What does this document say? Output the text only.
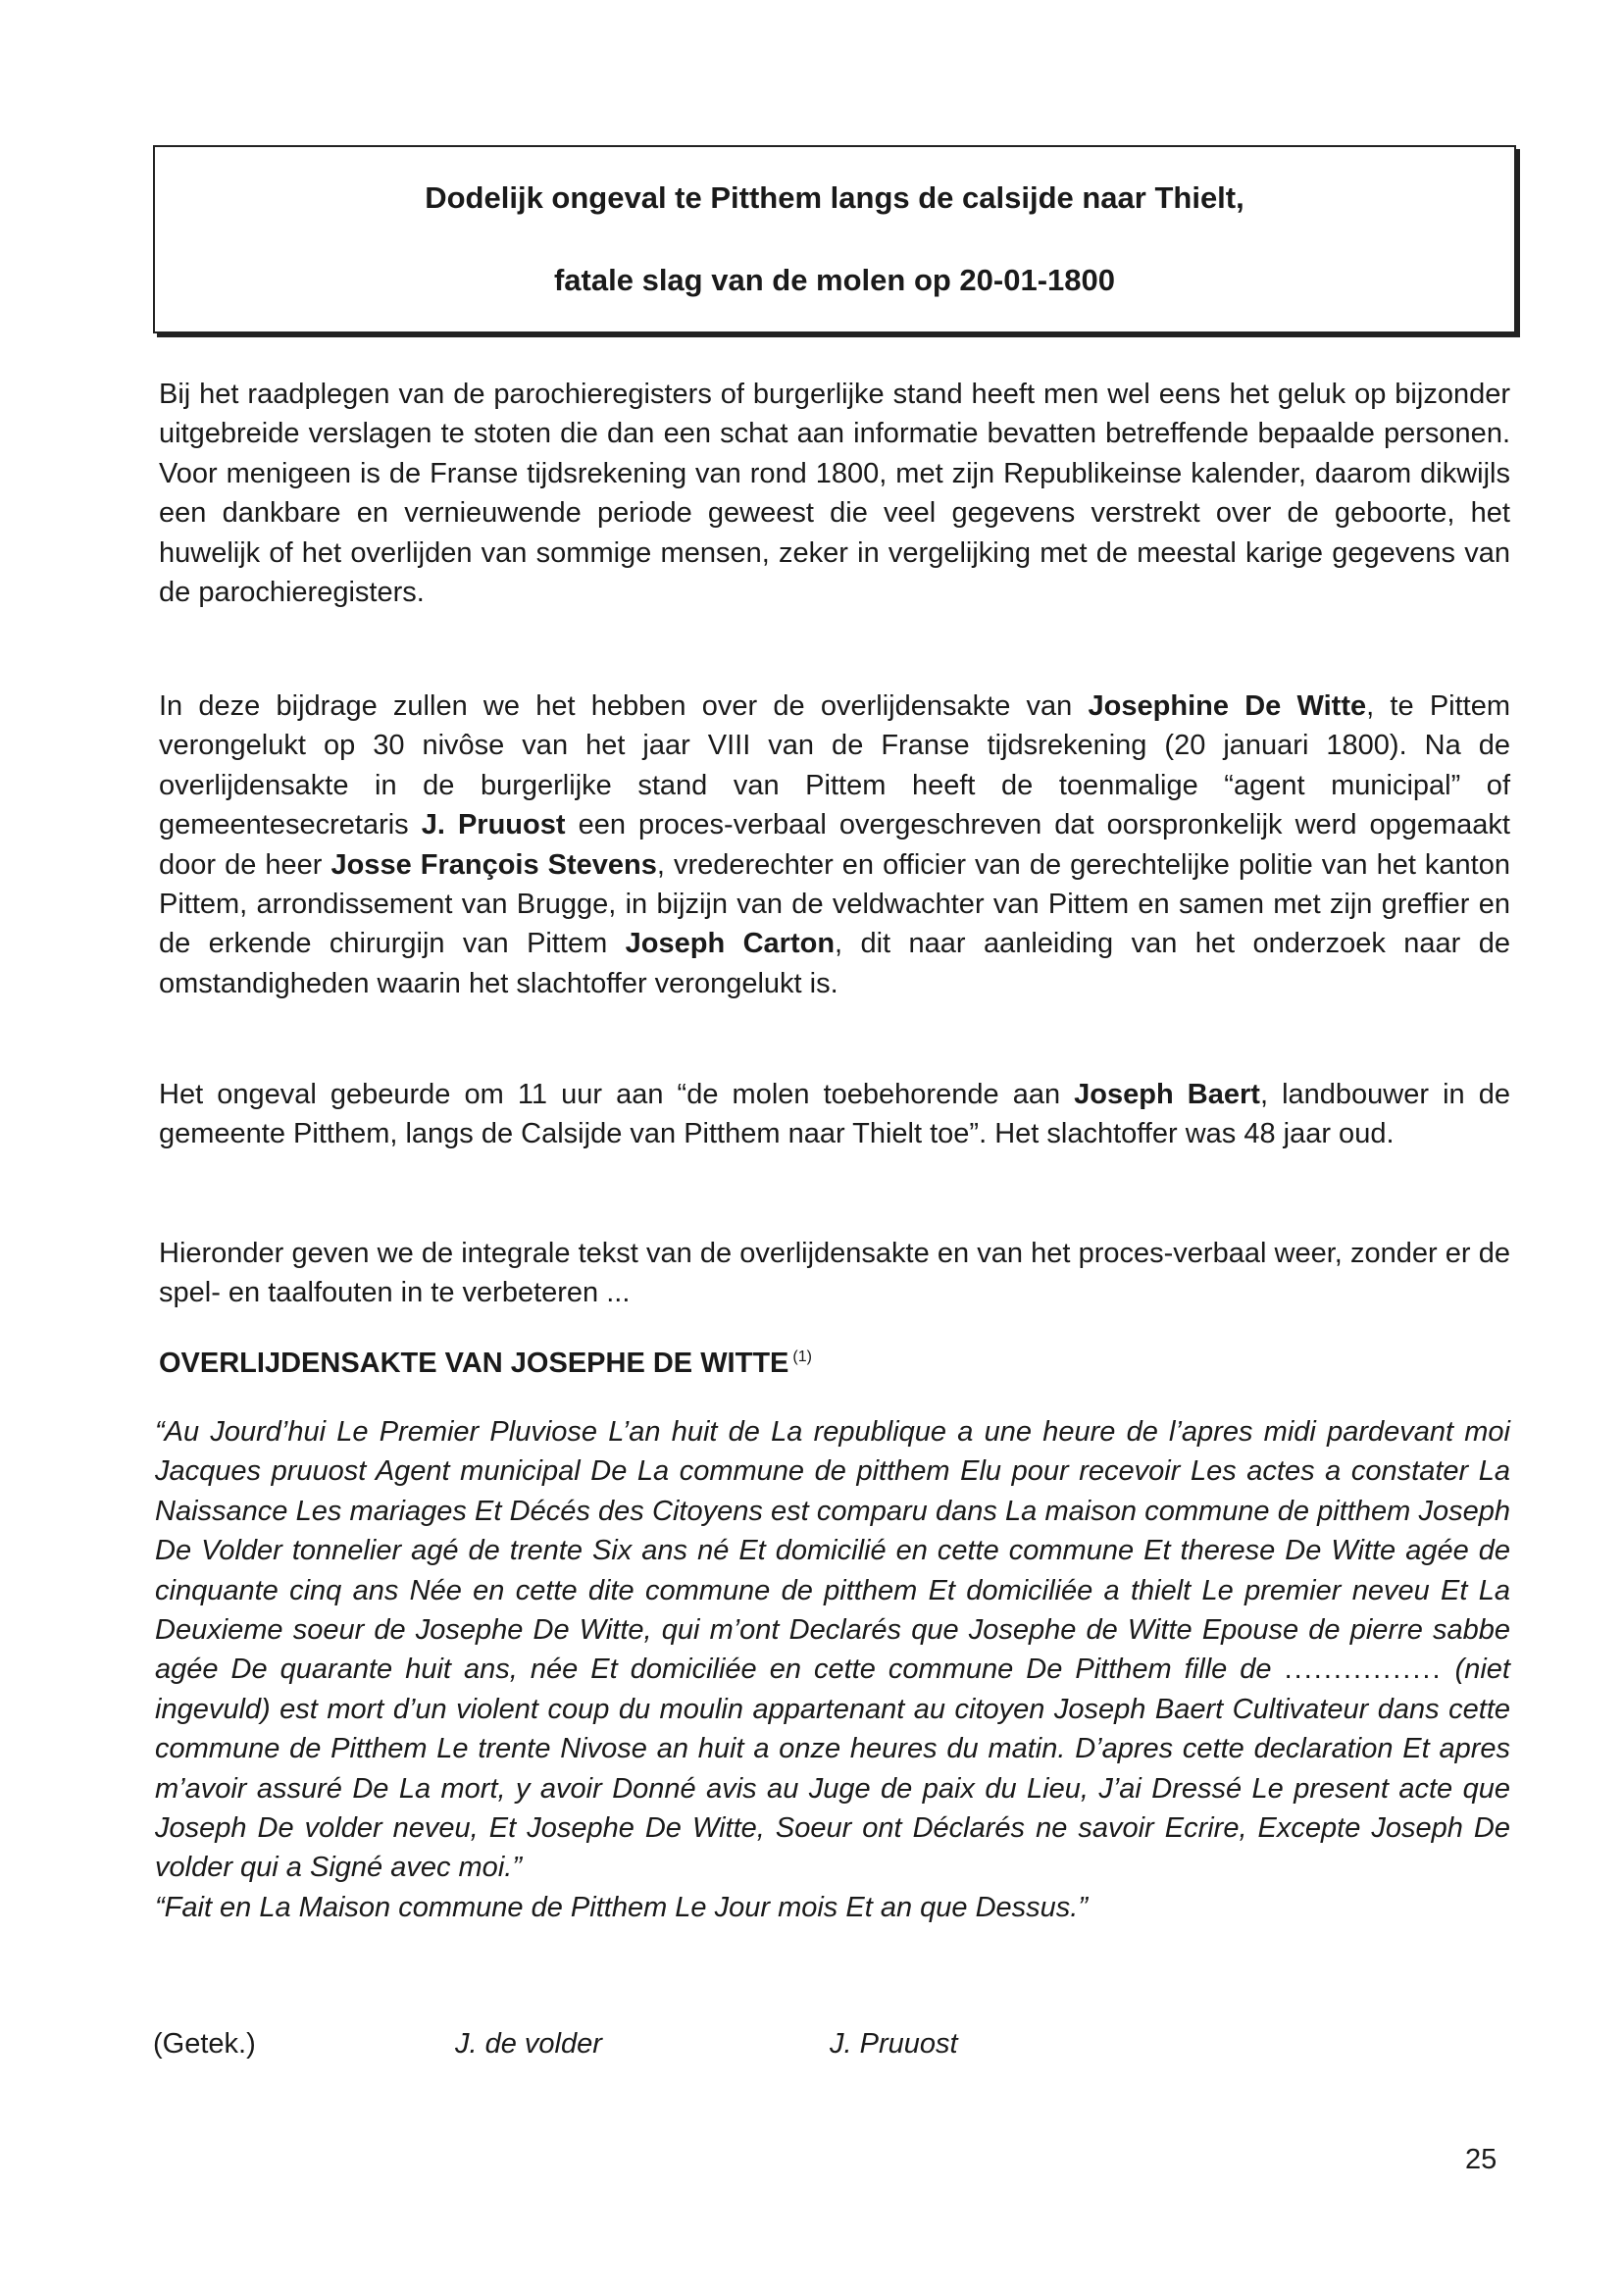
Dodelijk ongeval te Pitthem langs de calsijde naar Thielt,
fatale slag van de molen op 20-01-1800
Bij het raadplegen van de parochieregisters of burgerlijke stand heeft men wel eens het geluk op bijzonder uitgebreide verslagen te stoten die dan een schat aan informatie bevatten betreffende bepaalde personen. Voor menigeen is de Franse tijdsrekening van rond 1800, met zijn Republikeinse kalender, daarom dikwijls een dankbare en vernieuwende periode geweest die veel gegevens verstrekt over de geboorte, het huwelijk of het overlijden van sommige mensen, zeker in vergelijking met de meestal karige gegevens van de parochieregisters.
In deze bijdrage zullen we het hebben over de overlijdensakte van Josephine De Witte, te Pittem verongelukt op 30 nivôse van het jaar VIII van de Franse tijdsrekening (20 januari 1800). Na de overlijdensakte in de burgerlijke stand van Pittem heeft de toenmalige “agent municipal” of gemeentesecretaris J. Pruuost een proces-verbaal overgeschreven dat oorspronkelijk werd opgemaakt door de heer Josse François Stevens, vrederechter en officier van de gerechtelijke politie van het kanton Pittem, arrondissement van Brugge, in bijzijn van de veldwachter van Pittem en samen met zijn greffier en de erkende chirurgijn van Pittem Joseph Carton, dit naar aanleiding van het onderzoek naar de omstandigheden waarin het slachtoffer verongelukt is.
Het ongeval gebeurde om 11 uur aan “de molen toebehorende aan Joseph Baert, landbouwer in de gemeente Pitthem, langs de Calsijde van Pitthem naar Thielt toe”. Het slachtoffer was 48 jaar oud.
Hieronder geven we de integrale tekst van de overlijdensakte en van het proces-verbaal weer, zonder er de spel- en taalfouten in te verbeteren ...
OVERLIJDENSAKTE VAN JOSEPHE DE WITTE $^{(1)}$

“Au Jourd’hui Le Premier Pluviose L’an huit de La republique a une heure de l’apres midi pardevant moi Jacques pruuost Agent municipal De La commune de pitthem Elu pour recevoir Les actes a constater La Naissance Les mariages Et Décés des Citoyens est comparu dans La maison commune de pitthem Joseph De Volder tonnelier agé de trente Six ans né Et domicilié en cette commune Et therese De Witte agée de cinquante cinq ans Née en cette dite commune de pitthem Et domiciliée a thielt Le premier neveu Et La Deuxieme soeur de Josephe De Witte, qui m’ont Declarés que Josephe de Witte Epouse de pierre sabbe agée De quarante huit ans, née Et domiciliée en cette commune De Pitthem fille de ................ (niet ingevuld) est mort d’un violent coup du moulin appartenant au citoyen Joseph Baert Cultivateur dans cette commune de Pitthem Le trente Nivose an huit a onze heures du matin. D’apres cette declaration Et apres m’avoir assuré De La mort, y avoir Donné avis au Juge de paix du Lieu, J’ai Dressé Le present acte que Joseph De volder neveu, Et Josephe De Witte, Soeur ont Déclarés ne savoir Ecrire, Excepte Joseph De volder qui a Signé avec moi.”

“Fait en La Maison commune de Pitthem Le Jour mois Et an que Dessus.”

(Getek.)	J. de volder	J. Pruuost
25
